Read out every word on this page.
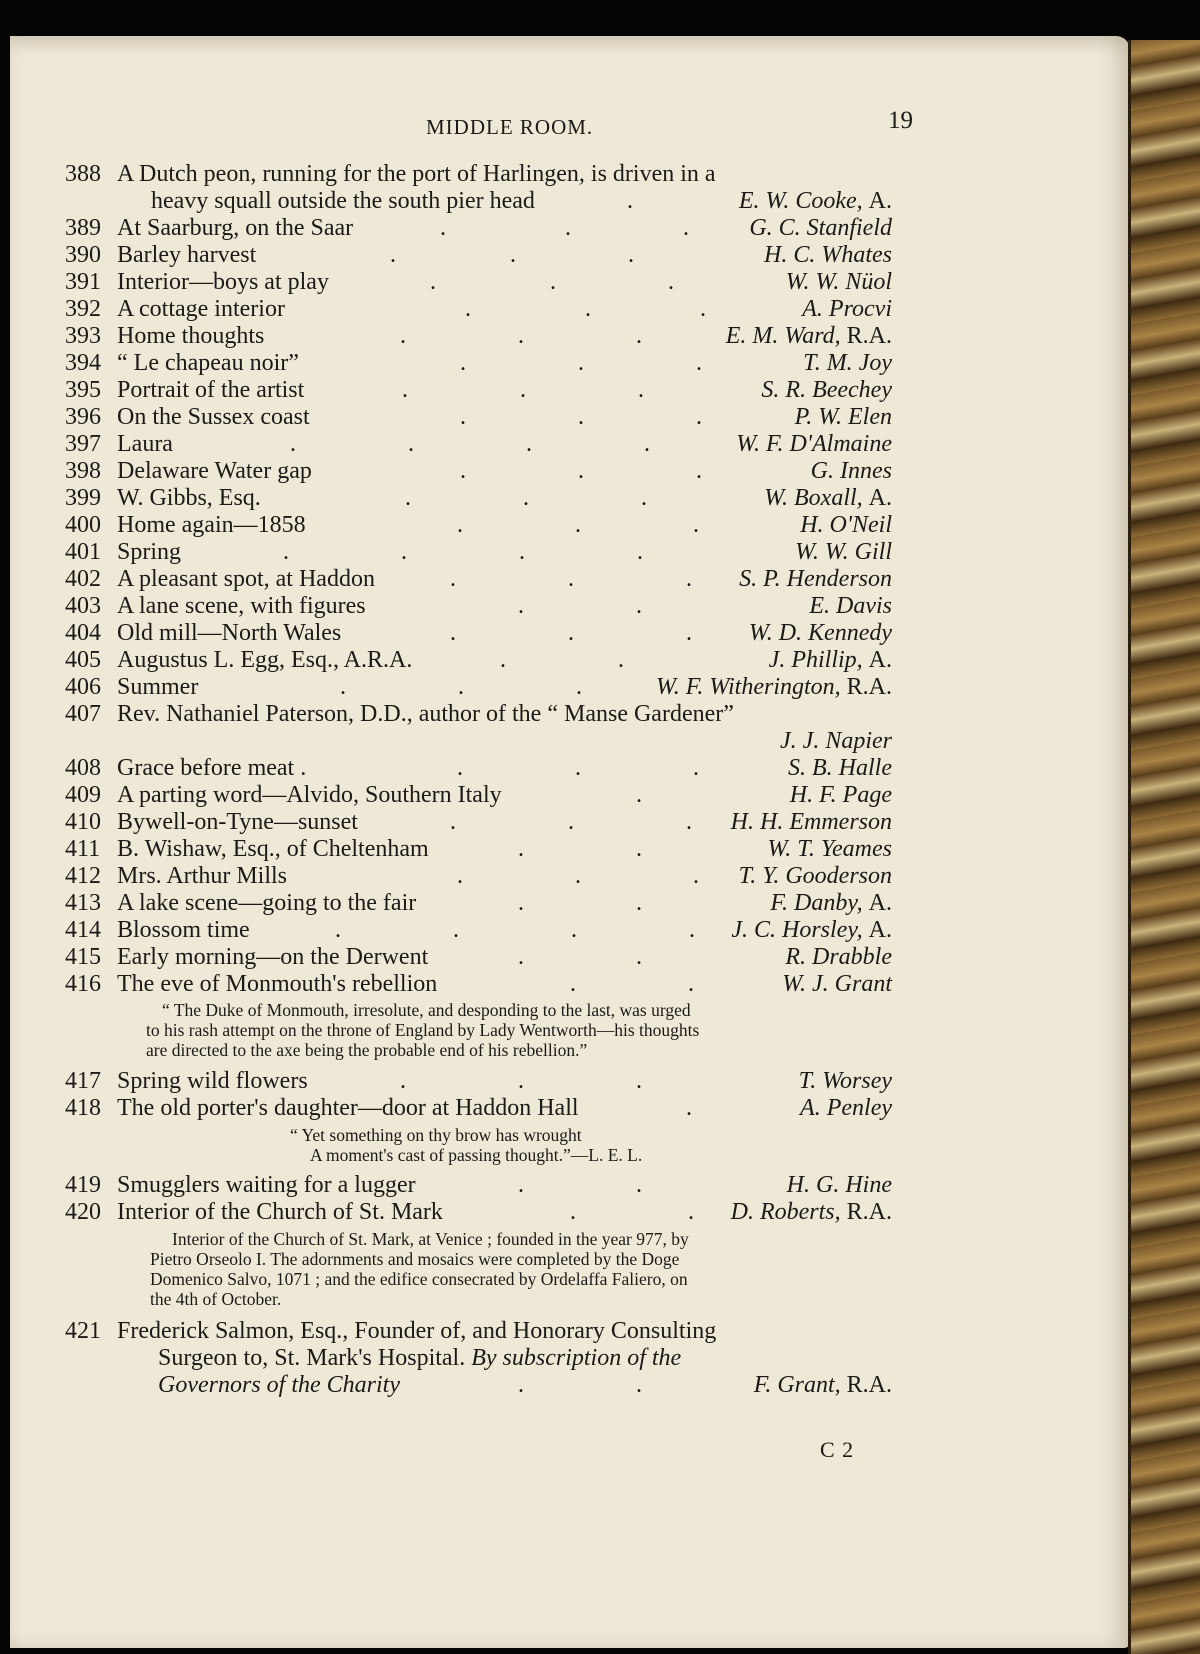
MIDDLE ROOM.	19
388 A Dutch peon, running for the port of Harlingen, is driven in a
heavy squall outside the south pier head	.	E. W. Cooke, A.
389 At Saarburg, on the Saar	.	.	.	G. C. Stanfield
390 Barley harvest	.	.	.	H. C. Whates
391 Interior—boys at play	.	.	.	W. W. Nüol
392 A cottage interior	.	.	.	A. Procvi
393 Home thoughts	.	.	.	E. M. Ward, R.A.
394 “ Le chapeau noir”	.	.	.	T. M. Joy
395 Portrait of the artist	.	.	.	S. R. Beechey
396 On the Sussex coast	.	.	.	P. W. Elen
397 Laura	.	.	.	.	W. F. D'Almaine
398 Delaware Water gap	.	.	.	G. Innes
399 W. Gibbs, Esq.	.	.	.	W. Boxall, A.
400 Home again—1858	.	.	.	H. O'Neil
401 Spring	.	.	.	.	W. W. Gill
402 A pleasant spot, at Haddon	.	.	. S. P. Henderson
403 A lane scene, with figures	.	.	E. Davis
404 Old mill—North Wales	.	.	. W. D. Kennedy
405 Augustus L. Egg, Esq., A.R.A.	.	.	J. Phillip, A.
406 Summer	.	.	.	W. F. Witherington, R.A.
407 Rev. Nathaniel Paterson, D.D., author of the “ Manse Gardener”
J. J. Napier
408 Grace before meat .	.	.	.	S. B. Halle
409 A parting word—Alvido, Southern Italy	.	H. F. Page
410 Bywell-on-Tyne—sunset	.	.	. H. H. Emmerson
411 B. Wishaw, Esq., of Cheltenham	.	.	W. T. Yeames
412 Mrs. Arthur Mills	.	.	. T. Y. Gooderson
413 A lake scene—going to the fair	.	.	F. Danby, A.
414 Blossom time	.	.	.	. J. C. Horsley, A.
415 Early morning—on the Derwent	.	.	R. Drabble
416 The eve of Monmouth's rebellion	.	.	W. J. Grant
“ The Duke of Monmouth, irresolute, and desponding to the last, was urged
to his rash attempt on the throne of England by Lady Wentworth—his thoughts
are directed to the axe being the probable end of his rebellion.”
417 Spring wild flowers	.	.	.	T. Worsey
418 The old porter's daughter—door at Haddon Hall	.	A. Penley
“ Yet something on thy brow has wrought
A moment's cast of passing thought.”—L. E. L.
419 Smugglers waiting for a lugger	.	.	H. G. Hine
420 Interior of the Church of St. Mark	.	. D. Roberts, R.A.
Interior of the Church of St. Mark, at Venice ; founded in the year 977, by
Pietro Orseolo I. The adornments and mosaics were completed by the Doge
Domenico Salvo, 1071 ; and the edifice consecrated by Ordelaffa Faliero, on
the 4th of October.
421 Frederick Salmon, Esq., Founder of, and Honorary Consulting
Surgeon to, St. Mark's Hospital. By subscription of the
Governors of the Charity	.	.	F. Grant, R.A.
C 2
